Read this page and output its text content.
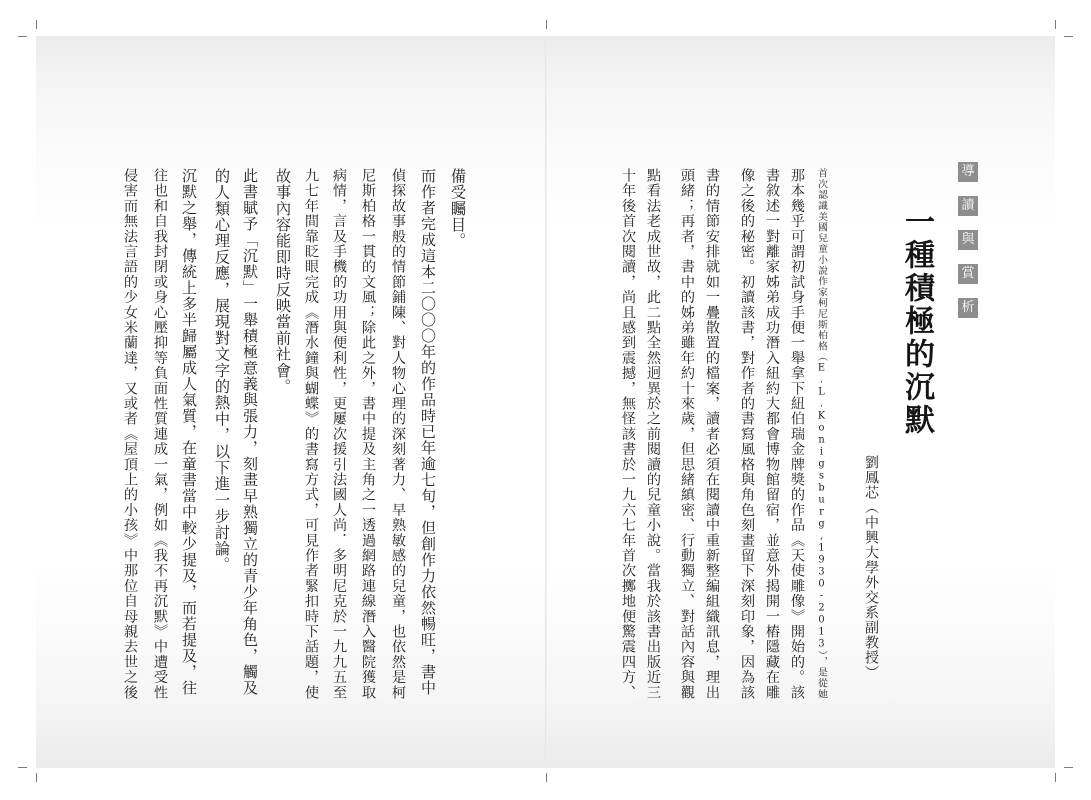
導
讀
與
賞
析
一種積極的沉默
劉鳳芯（中興大學外交系副教授）
首次認識美國兒童小說作家柯尼斯柏格（E.L.Konigsburg,1930-2013），是從她
那本幾乎可謂初試身手便一舉拿下紐伯瑞金牌獎的作品《天使雕像》開始的。該
書敘述一對離家姊弟成功潛入紐約大都會博物館留宿，並意外揭開一樁隱藏在雕
像之後的秘密。初讀該書，對作者的書寫風格與角色刻畫留下深刻印象，因為該
書的情節安排就如一疊散置的檔案，讀者必須在閱讀中重新整編組織訊息，理出
頭緒；再者，書中的姊弟雖年約十來歲，但思緒縝密、行動獨立、對話內容與觀
點看法老成世故，此二點全然迥異於之前閱讀的兒童小說。當我於該書出版近三
十年後首次閱讀，尚且感到震撼，無怪該書於一九六七年首次擲地便驚震四方、
備受矚目。
而作者完成這本二〇〇〇年的作品時已年逾七旬，但創作力依然暢旺，書中
偵探故事般的情節鋪陳、對人物心理的深刻著力、早熟敏感的兒童，也依然是柯
尼斯柏格一貫的文風；除此之外，書中提及主角之一透過網路連線潛入醫院獲取
病情，言及手機的功用與便利性，更屢次援引法國人尚．多明尼克於一九九五至
九七年間靠眨眼完成《潛水鐘與蝴蝶》的書寫方式，可見作者緊扣時下話題，使
故事內容能即時反映當前社會。
此書賦予「沉默」一舉積極意義與張力，刻畫早熟獨立的青少年角色，觸及
的人類心理反應，展現對文字的熱中，以下進一步討論。
沉默之舉，傳統上多半歸屬成人氣質，在童書當中較少提及，而若提及，往
往也和自我封閉或身心壓抑等負面性質連成一氣，例如《我不再沉默》中遭受性
侵害而無法言語的少女米蘭達，又或者《屋頂上的小孩》中那位自母親去世之後
